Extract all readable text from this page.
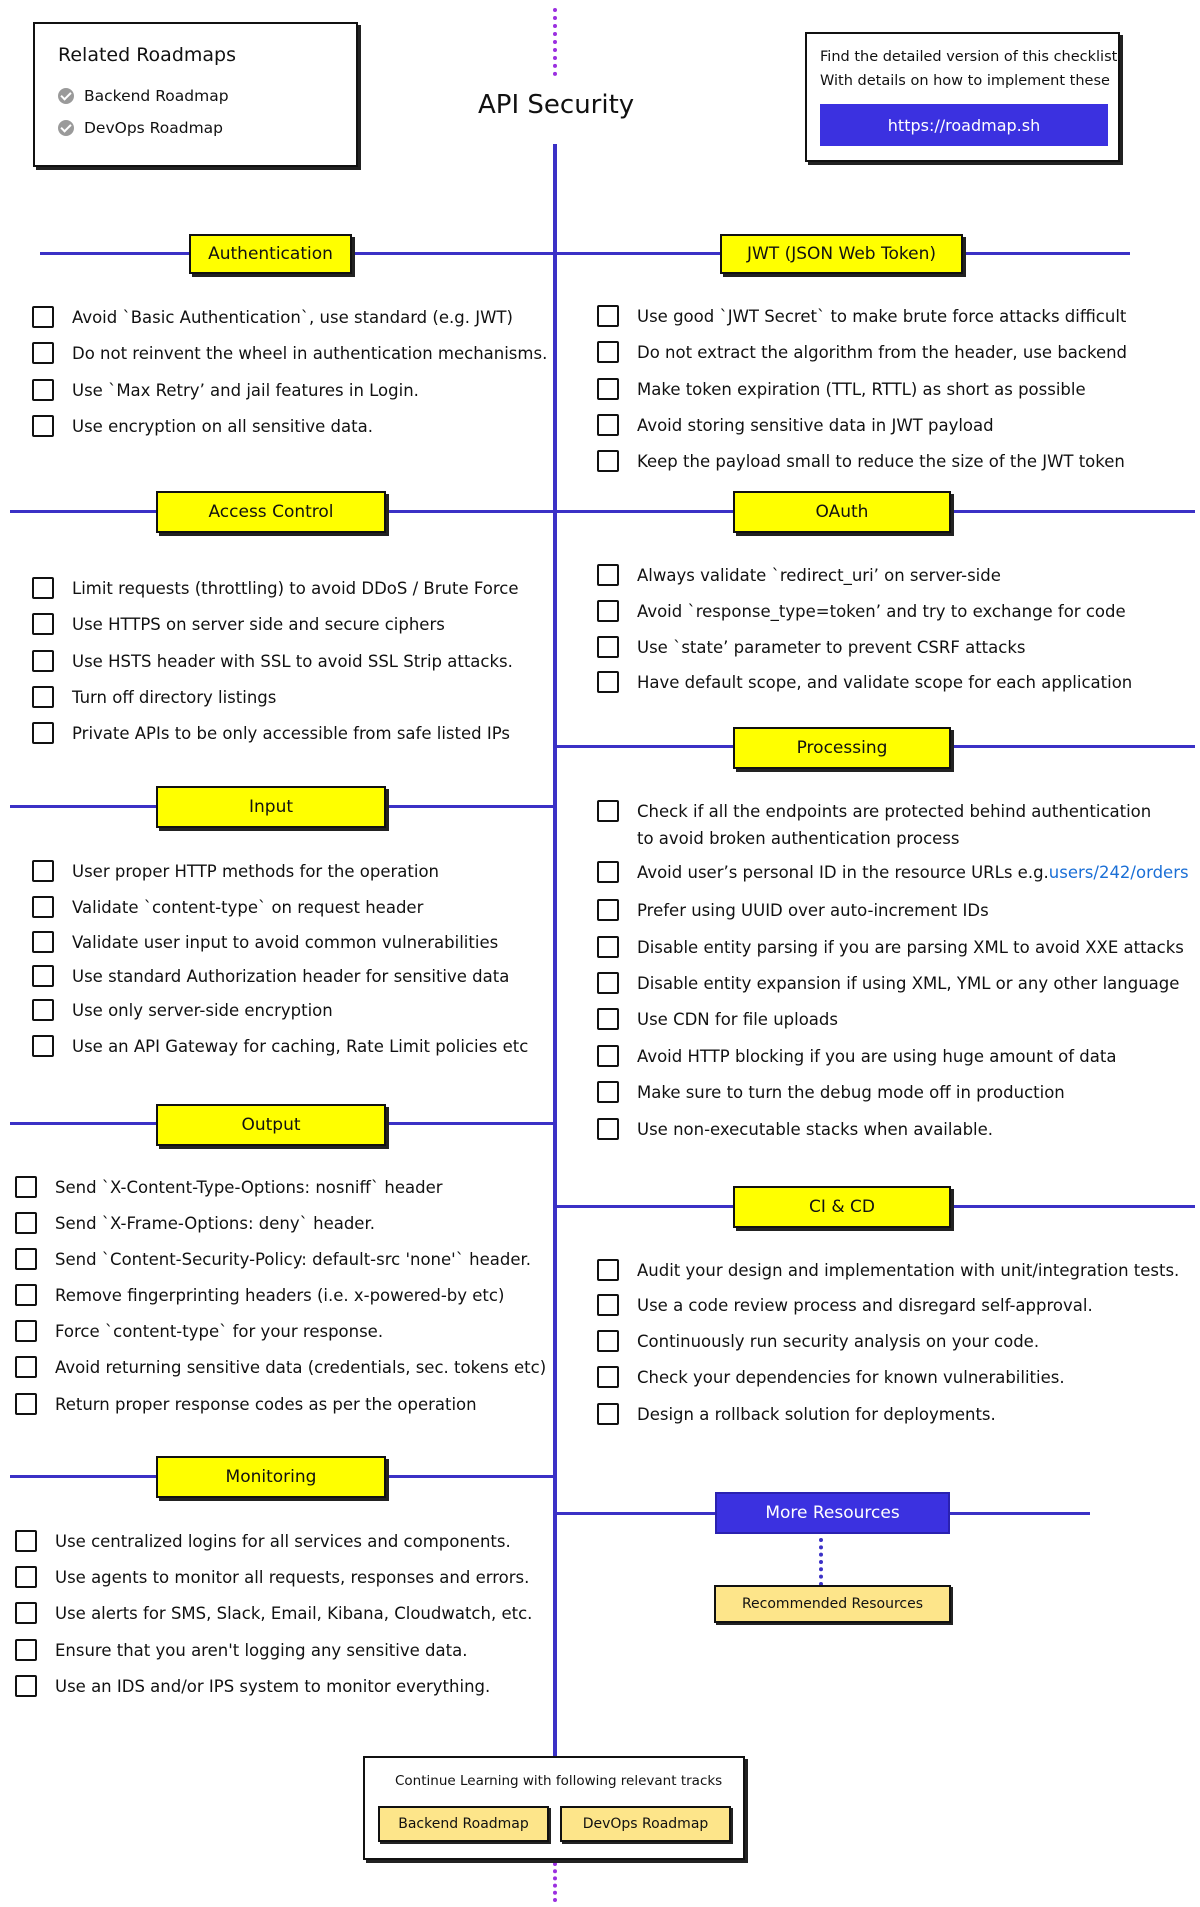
Related Roadmaps
Backend Roadmap
DevOps Roadmap
API Security
Find the detailed version of this checklist
With details on how to implement these
https://roadmap.sh
Authentication	JWT (JSON Web Token)
Access Control	OAuth
Processing
Input
Output
CI & CD
Monitoring
More Resources
Recommended Resources
Avoid `Basic Authentication`, use standard (e.g. JWT)
Do not reinvent the wheel in authentication mechanisms.
Use `Max Retry’ and jail features in Login.
Use encryption on all sensitive data.
Use good `JWT Secret` to make brute force attacks difficult
Do not extract the algorithm from the header, use backend
Make token expiration (TTL, RTTL) as short as possible
Avoid storing sensitive data in JWT payload
Keep the payload small to reduce the size of the JWT token
Limit requests (throttling) to avoid DDoS / Brute Force
Use HTTPS on server side and secure ciphers
Use HSTS header with SSL to avoid SSL Strip attacks.
Turn off directory listings
Private APIs to be only accessible from safe listed IPs
Always validate `redirect_uri’ on server-side
Avoid `response_type=token’ and try to exchange for code
Use `state’ parameter to prevent CSRF attacks
Have default scope, and validate scope for each application
User proper HTTP methods for the operation
Validate `content-type` on request header
Validate user input to avoid common vulnerabilities
Use standard Authorization header for sensitive data
Use only server-side encryption
Use an API Gateway for caching, Rate Limit policies etc
Check if all the endpoints are protected behind authentication
to avoid broken authentication process
Avoid user’s personal ID in the resource URLs e.g. users/242/orders
Prefer using UUID over auto-increment IDs
Disable entity parsing if you are parsing XML to avoid XXE attacks
Disable entity expansion if using XML, YML or any other language
Use CDN for file uploads
Avoid HTTP blocking if you are using huge amount of data
Make sure to turn the debug mode off in production
Use non-executable stacks when available.
Send `X-Content-Type-Options: nosniff` header
Send `X-Frame-Options: deny` header.
Send `Content-Security-Policy: default-src 'none'` header.
Remove fingerprinting headers (i.e. x-powered-by etc)
Force `content-type` for your response.
Avoid returning sensitive data (credentials, sec. tokens etc)
Return proper response codes as per the operation
Audit your design and implementation with unit/integration tests.
Use a code review process and disregard self-approval.
Continuously run security analysis on your code.
Check your dependencies for known vulnerabilities.
Design a rollback solution for deployments.
Use centralized logins for all services and components.
Use agents to monitor all requests, responses and errors.
Use alerts for SMS, Slack, Email, Kibana, Cloudwatch, etc.
Ensure that you aren't logging any sensitive data.
Use an IDS and/or IPS system to monitor everything.
Continue Learning with following relevant tracks
Backend Roadmap	DevOps Roadmap
